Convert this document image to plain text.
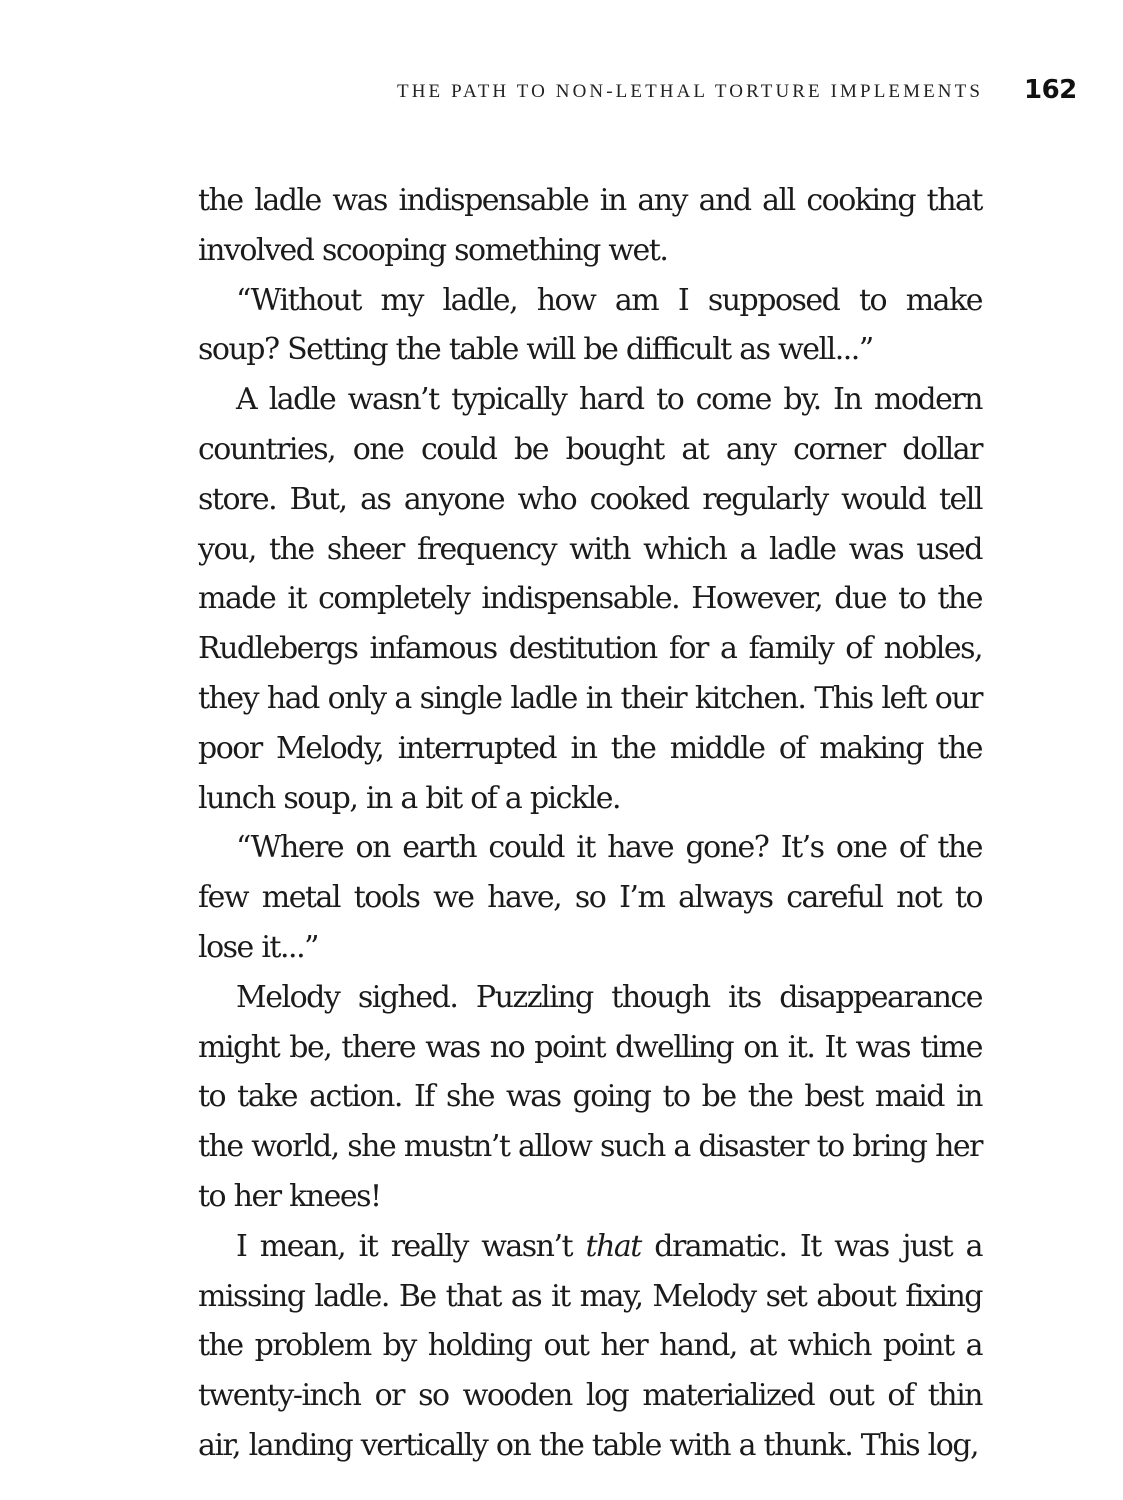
THE PATH TO NON-LETHAL TORTURE IMPLEMENTS 162

the ladle was indispensable in any and all cooking that involved scooping something wet.

“Without my ladle, how am I supposed to make soup? Setting the table will be difficult as well...”

A ladle wasn’t typically hard to come by. In modern countries, one could be bought at any corner dollar store. But, as anyone who cooked regularly would tell you, the sheer frequency with which a ladle was used made it completely indispensable. However, due to the Rudlebergs infamous destitution for a family of nobles, they had only a single ladle in their kitchen. This left our poor Melody, interrupted in the middle of making the lunch soup, in a bit of a pickle.

“Where on earth could it have gone? It’s one of the few metal tools we have, so I’m always careful not to lose it...”

Melody sighed. Puzzling though its disappearance might be, there was no point dwelling on it. It was time to take action. If she was going to be the best maid in the world, she mustn’t allow such a disaster to bring her to her knees!

I mean, it really wasn’t that dramatic. It was just a missing ladle. Be that as it may, Melody set about fixing the problem by holding out her hand, at which point a twenty-inch or so wooden log materialized out of thin air, landing vertically on the table with a thunk. This log,
